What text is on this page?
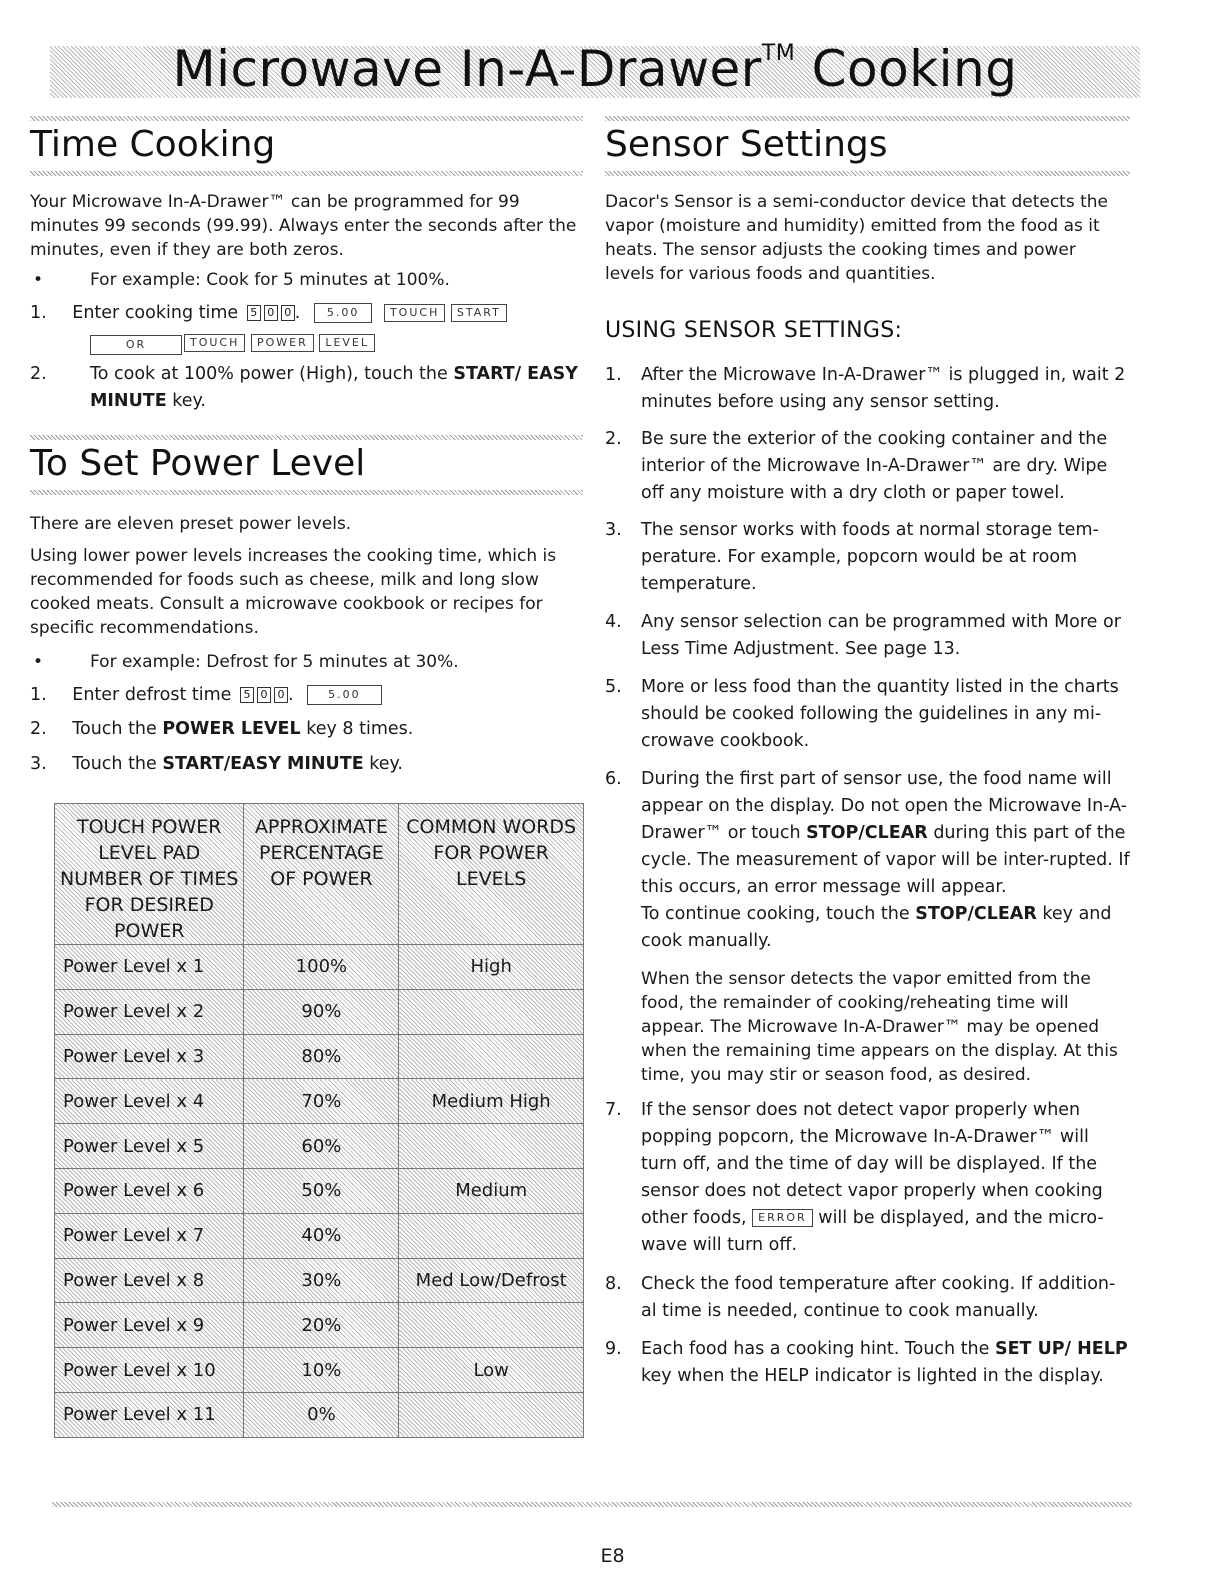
Microwave In-A-Drawer™ Cooking
Time Cooking
Your Microwave In-A-Drawer™ can be programmed for 99 minutes 99 seconds (99.99). Always enter the seconds after the minutes, even if they are both zeros.
•	For example: Cook for 5 minutes at 100%.
1. Enter cooking time 5 0 0 . 5.00	TOUCH START
OR	TOUCH POWER LEVEL
2. To cook at 100% power (High), touch the START/ EASY MINUTE key.
To Set Power Level
There are eleven preset power levels.
Using lower power levels increases the cooking time, which is recommended for foods such as cheese, milk and long slow cooked meats. Consult a microwave cookbook or recipes for specific recommendations.
•	For example: Defrost for 5 minutes at 30%.
1. Enter defrost time 5 0 0 .	5.00
2. Touch the POWER LEVEL key 8 times.
3. Touch the START/EASY MINUTE key.
TOUCH POWER LEVEL PAD NUMBER OF TIMES FOR DESIRED POWER	APPROXIMATE PERCENTAGE OF POWER	COMMON WORDS FOR POWER LEVELS
Power Level x 1	100%	High
Power Level x 2	90%	
Power Level x 3	80%	
Power Level x 4	70%	Medium High
Power Level x 5	60%	
Power Level x 6	50%	Medium
Power Level x 7	40%	
Power Level x 8	30%	Med Low/Defrost
Power Level x 9	20%	
Power Level x 10	10%	Low
Power Level x 11	0%	
Sensor Settings
Dacor's Sensor is a semi-conductor device that detects the vapor (moisture and humidity) emitted from the food as it heats. The sensor adjusts the cooking times and power levels for various foods and quantities.
USING SENSOR SETTINGS:
1. After the Microwave In-A-Drawer™ is plugged in, wait 2 minutes before using any sensor setting.
2. Be sure the exterior of the cooking container and the interior of the Microwave In-A-Drawer™ are dry. Wipe off any moisture with a dry cloth or paper towel.
3. The sensor works with foods at normal storage tem-perature. For example, popcorn would be at room temperature.
4. Any sensor selection can be programmed with More or Less Time Adjustment. See page 13.
5. More or less food than the quantity listed in the charts should be cooked following the guidelines in any mi-crowave cookbook.
6. During the first part of sensor use, the food name will appear on the display. Do not open the Microwave In-A-Drawer™ or touch STOP/CLEAR during this part of the cycle. The measurement of vapor will be inter-rupted. If this occurs, an error message will appear.
To continue cooking, touch the STOP/CLEAR key and cook manually.
When the sensor detects the vapor emitted from the food, the remainder of cooking/reheating time will appear. The Microwave In-A-Drawer™ may be opened when the remaining time appears on the display. At this time, you may stir or season food, as desired.
7. If the sensor does not detect vapor properly when popping popcorn, the Microwave In-A-Drawer™ will turn off, and the time of day will be displayed. If the sensor does not detect vapor properly when cooking other foods, ERROR will be displayed, and the micro-wave will turn off.
8. Check the food temperature after cooking. If addition-al time is needed, continue to cook manually.
9. Each food has a cooking hint. Touch the SET UP/ HELP key when the HELP indicator is lighted in the display.
E8
